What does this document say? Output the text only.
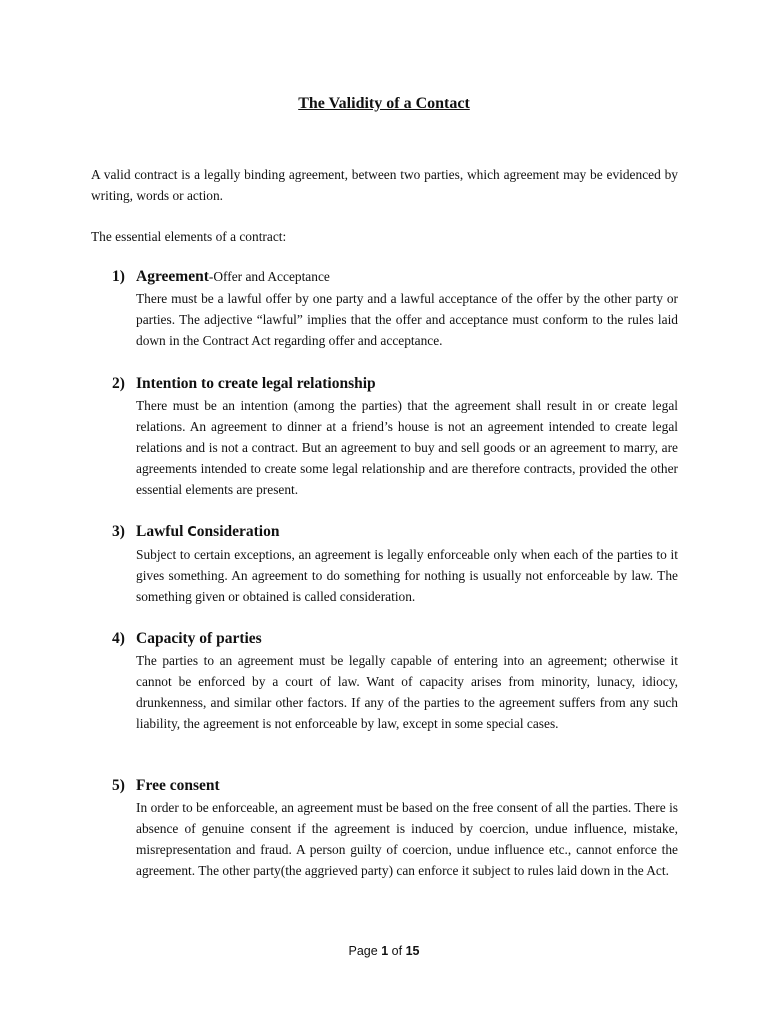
The Validity of a Contact
A valid contract is a legally binding agreement, between two parties, which agreement may be evidenced by writing, words or action.
The essential elements of a contract:
1) Agreement-Offer and Acceptance
There must be a lawful offer by one party and a lawful acceptance of the offer by the other party or parties. The adjective “lawful” implies that the offer and acceptance must conform to the rules laid down in the Contract Act regarding offer and acceptance.
2) Intention to create legal relationship
There must be an intention (among the parties) that the agreement shall result in or create legal relations. An agreement to dinner at a friend’s house is not an agreement intended to create legal relations and is not a contract. But an agreement to buy and sell goods or an agreement to marry, are agreements intended to create some legal relationship and are therefore contracts, provided the other essential elements are present.
3) Lawful Consideration
Subject to certain exceptions, an agreement is legally enforceable only when each of the parties to it gives something. An agreement to do something for nothing is usually not enforceable by law. The something given or obtained is called consideration.
4) Capacity of parties
The parties to an agreement must be legally capable of entering into an agreement; otherwise it cannot be enforced by a court of law. Want of capacity arises from minority, lunacy, idiocy, drunkenness, and similar other factors. If any of the parties to the agreement suffers from any such liability, the agreement is not enforceable by law, except in some special cases.
5) Free consent
In order to be enforceable, an agreement must be based on the free consent of all the parties. There is absence of genuine consent if the agreement is induced by coercion, undue influence, mistake, misrepresentation and fraud. A person guilty of coercion, undue influence etc., cannot enforce the agreement. The other party(the aggrieved party) can enforce it subject to rules laid down in the Act.
Page 1 of 15
